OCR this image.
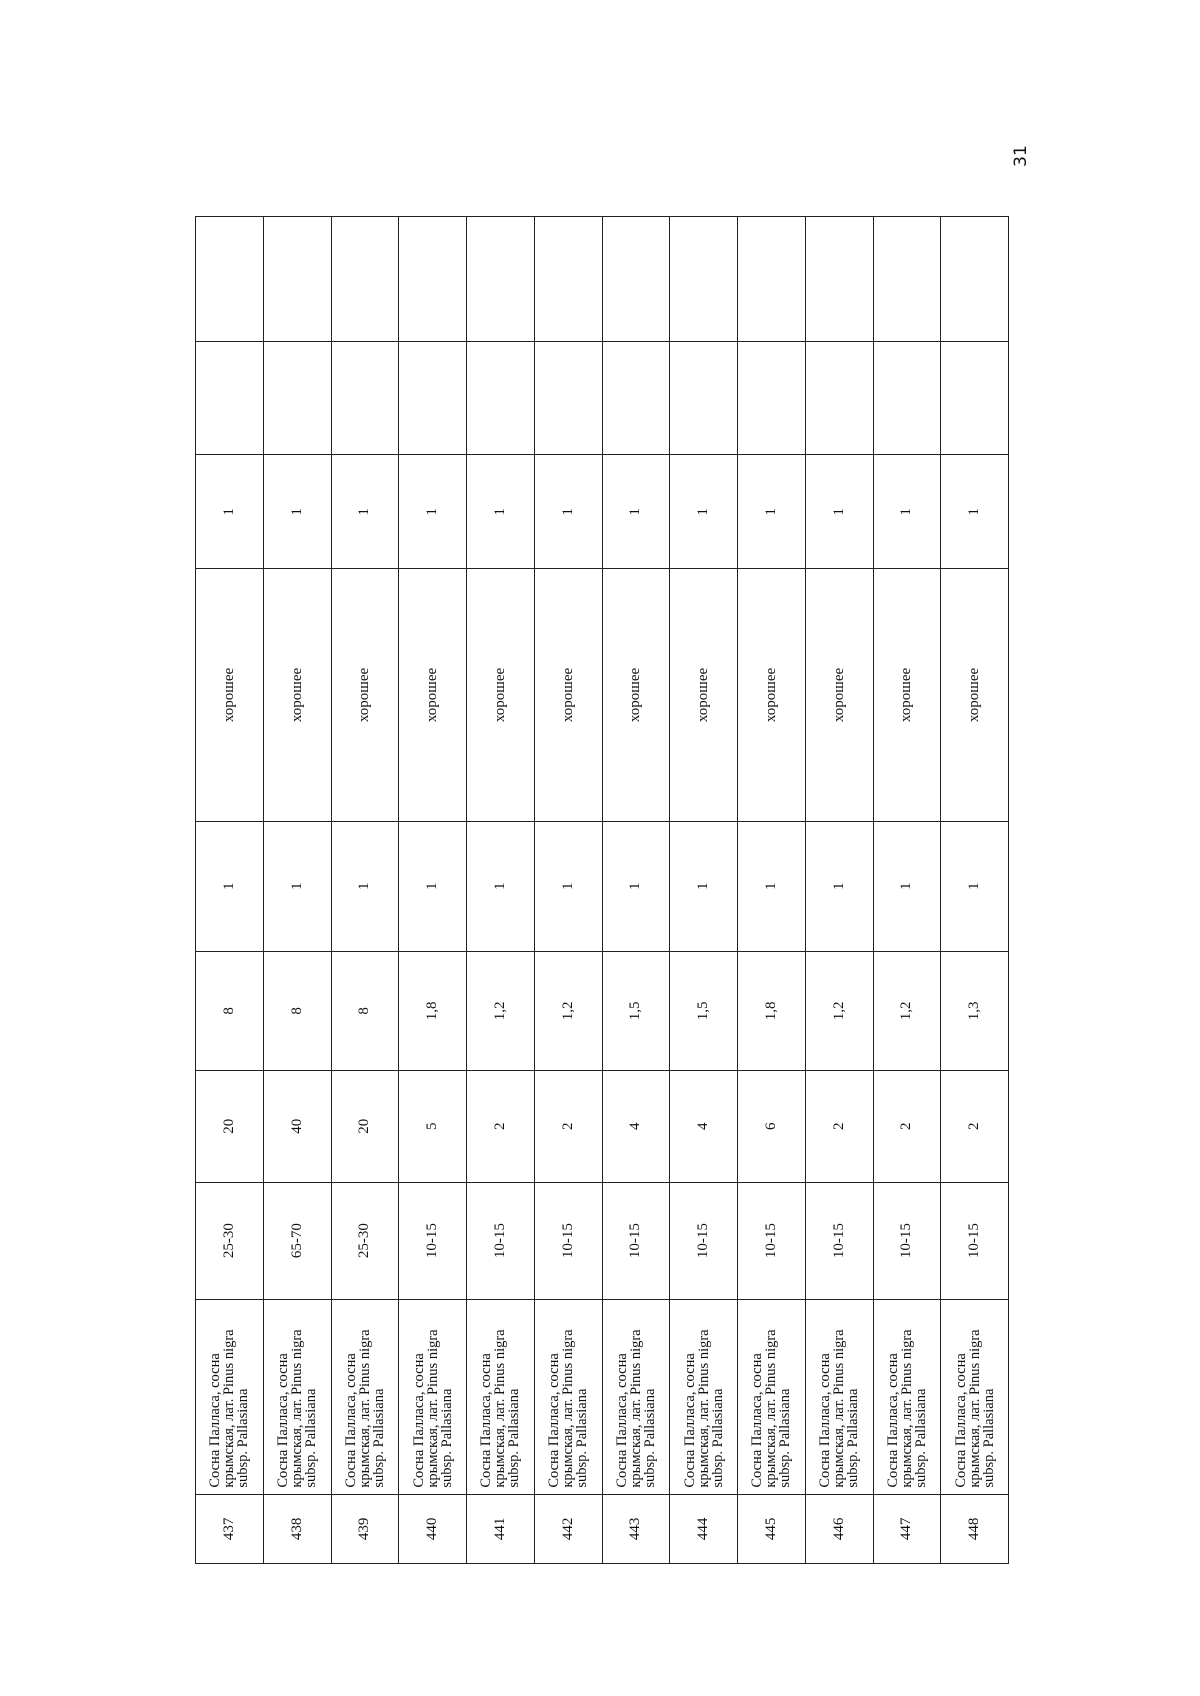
31
437	Сосна Палласа, сосна крымская, лат. Pinus nigra subsp. Pallasiana	25-30	20	8	1	хорошее	1		
438	Сосна Палласа, сосна крымская, лат. Pinus nigra subsp. Pallasiana	65-70	40	8	1	хорошее	1		
439	Сосна Палласа, сосна крымская, лат. Pinus nigra subsp. Pallasiana	25-30	20	8	1	хорошее	1		
440	Сосна Палласа, сосна крымская, лат. Pinus nigra subsp. Pallasiana	10-15	5	1,8	1	хорошее	1		
441	Сосна Палласа, сосна крымская, лат. Pinus nigra subsp. Pallasiana	10-15	2	1,2	1	хорошее	1		
442	Сосна Палласа, сосна крымская, лат. Pinus nigra subsp. Pallasiana	10-15	2	1,2	1	хорошее	1		
443	Сосна Палласа, сосна крымская, лат. Pinus nigra subsp. Pallasiana	10-15	4	1,5	1	хорошее	1		
444	Сосна Палласа, сосна крымская, лат. Pinus nigra subsp. Pallasiana	10-15	4	1,5	1	хорошее	1		
445	Сосна Палласа, сосна крымская, лат. Pinus nigra subsp. Pallasiana	10-15	6	1,8	1	хорошее	1		
446	Сосна Палласа, сосна крымская, лат. Pinus nigra subsp. Pallasiana	10-15	2	1,2	1	хорошее	1		
447	Сосна Палласа, сосна крымская, лат. Pinus nigra subsp. Pallasiana	10-15	2	1,2	1	хорошее	1		
448	Сосна Палласа, сосна крымская, лат. Pinus nigra subsp. Pallasiana	10-15	2	1,3	1	хорошее	1		
